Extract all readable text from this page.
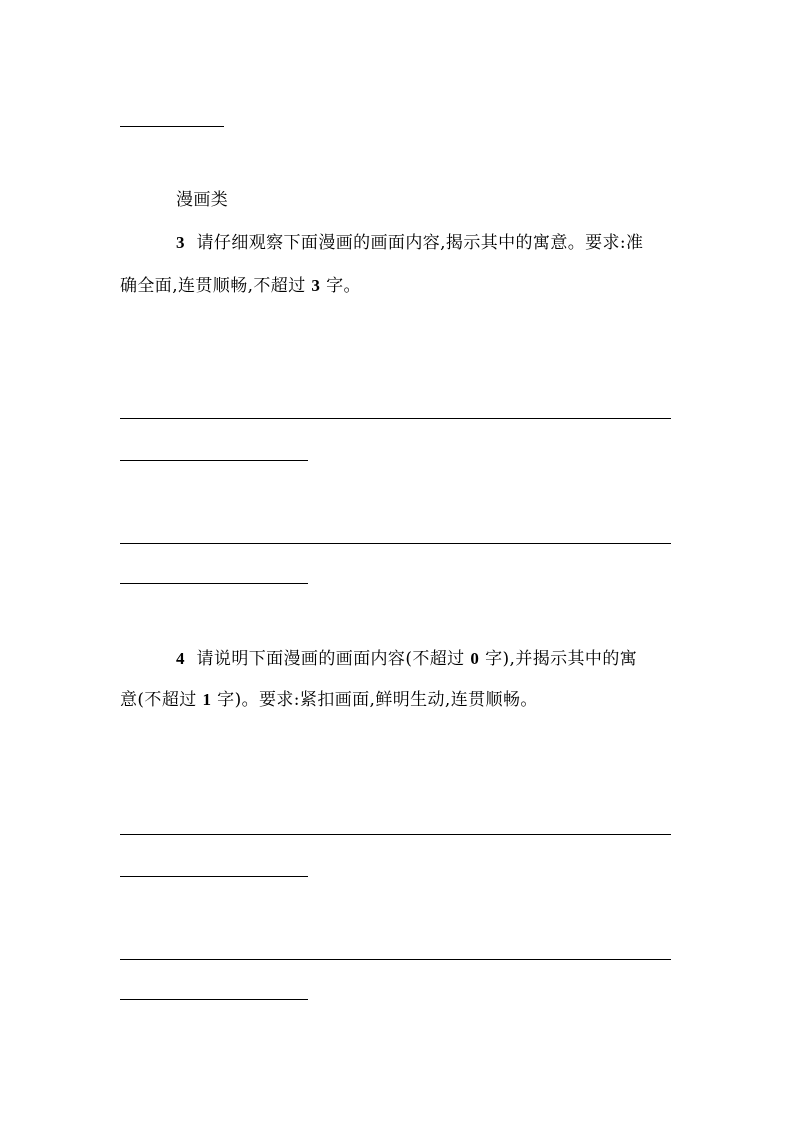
漫画类
3 请仔细观察下面漫画的画面内容,揭示其中的寓意。要求:准
确全面,连贯顺畅,不超过 3 字。
4 请说明下面漫画的画面内容(不超过 0 字),并揭示其中的寓
意(不超过 1 字)。要求:紧扣画面,鲜明生动,连贯顺畅。
